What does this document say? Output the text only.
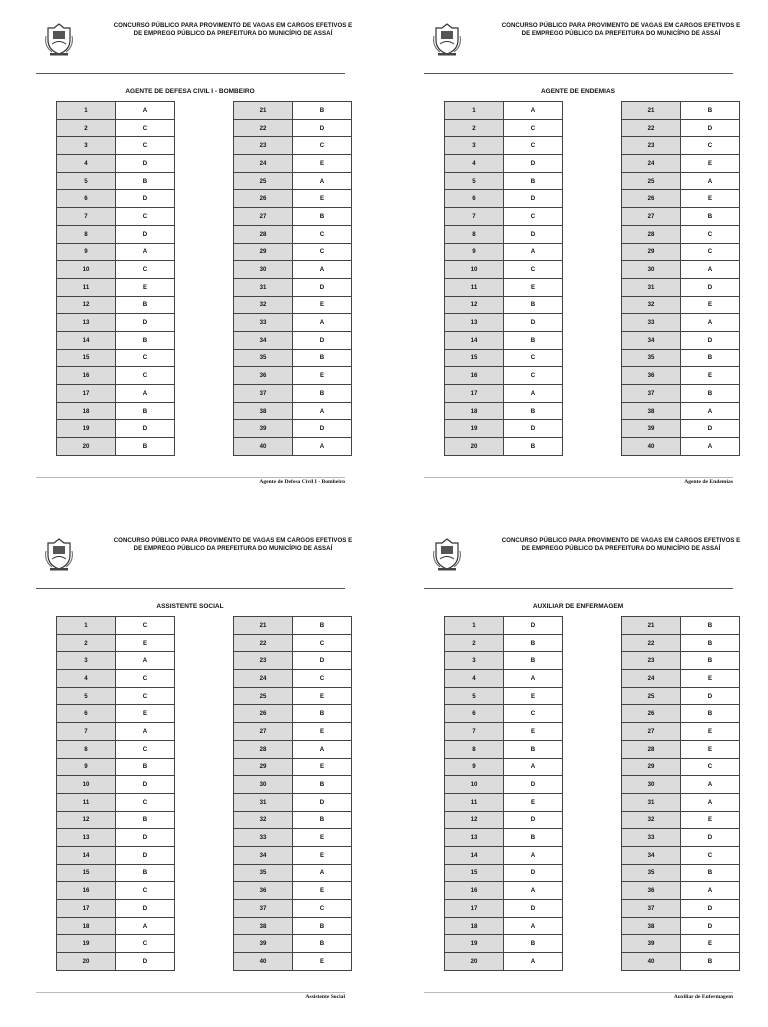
CONCURSO PÚBLICO PARA PROVIMENTO DE VAGAS EM CARGOS EFETIVOS E
DE EMPREGO PÚBLICO DA PREFEITURA DO MUNICÍPIO DE ASSAÍ
AGENTE DE DEFESA CIVIL I - BOMBEIRO
1	A
2	C
3	C
4	D
5	B
6	D
7	C
8	D
9	A
10	C
11	E
12	B
13	D
14	B
15	C
16	C
17	A
18	B
19	D
20	B
21	B
22	D
23	C
24	E
25	A
26	E
27	B
28	C
29	C
30	A
31	D
32	E
33	A
34	D
35	B
36	E
37	B
38	A
39	D
40	A
Agente de Defesa Civil I - Bombeiro
CONCURSO PÚBLICO PARA PROVIMENTO DE VAGAS EM CARGOS EFETIVOS E
DE EMPREGO PÚBLICO DA PREFEITURA DO MUNICÍPIO DE ASSAÍ
AGENTE DE ENDEMIAS
1	A
2	C
3	C
4	D
5	B
6	D
7	C
8	D
9	A
10	C
11	E
12	B
13	D
14	B
15	C
16	C
17	A
18	B
19	D
20	B
21	B
22	D
23	C
24	E
25	A
26	E
27	B
28	C
29	C
30	A
31	D
32	E
33	A
34	D
35	B
36	E
37	B
38	A
39	D
40	A
Agente de Endemias
CONCURSO PÚBLICO PARA PROVIMENTO DE VAGAS EM CARGOS EFETIVOS E
DE EMPREGO PÚBLICO DA PREFEITURA DO MUNICÍPIO DE ASSAÍ
ASSISTENTE SOCIAL
1	C
2	E
3	A
4	C
5	C
6	E
7	A
8	C
9	B
10	D
11	C
12	B
13	D
14	D
15	B
16	C
17	D
18	A
19	C
20	D
21	B
22	C
23	D
24	C
25	E
26	B
27	E
28	A
29	E
30	B
31	D
32	B
33	E
34	E
35	A
36	E
37	C
38	B
39	B
40	E
Assistente Social
CONCURSO PÚBLICO PARA PROVIMENTO DE VAGAS EM CARGOS EFETIVOS E
DE EMPREGO PÚBLICO DA PREFEITURA DO MUNICÍPIO DE ASSAÍ
AUXILIAR DE ENFERMAGEM
1	D
2	B
3	B
4	A
5	E
6	C
7	E
8	B
9	A
10	D
11	E
12	D
13	B
14	A
15	D
16	A
17	D
18	A
19	B
20	A
21	B
22	B
23	B
24	E
25	D
26	B
27	E
28	E
29	C
30	A
31	A
32	E
33	D
34	C
35	B
36	A
37	D
38	D
39	E
40	B
Auxiliar de Enfermagem
